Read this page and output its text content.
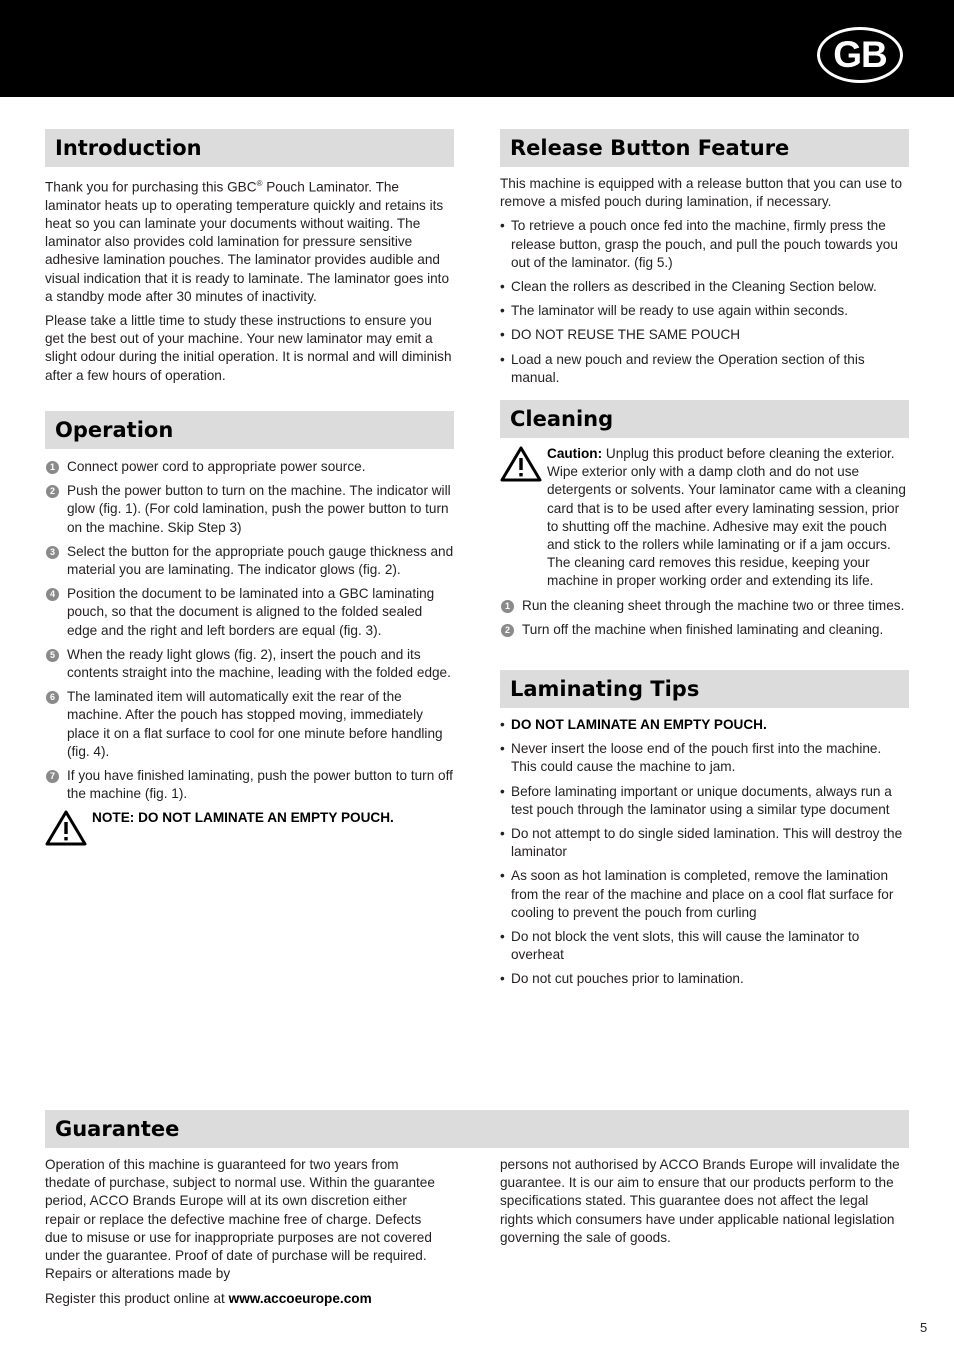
GB
Introduction

Thank you for purchasing this GBC® Pouch Laminator. The laminator heats up to operating temperature quickly and retains its heat so you can laminate your documents without waiting. The laminator also provides cold lamination for pressure sensitive adhesive lamination pouches. The laminator provides audible and visual indication that it is ready to laminate. The laminator goes into a standby mode after 30 minutes of inactivity.

Please take a little time to study these instructions to ensure you get the best out of your machine. Your new laminator may emit a slight odour during the initial operation. It is normal and will diminish after a few hours of operation.

Operation
1 Connect power cord to appropriate power source.
2 Push the power button to turn on the machine. The indicator will glow (fig. 1). (For cold lamination, push the power button to turn on the machine. Skip Step 3)
3 Select the button for the appropriate pouch gauge thickness and material you are laminating. The indicator glows (fig. 2).
4 Position the document to be laminated into a GBC laminating pouch, so that the document is aligned to the folded sealed edge and the right and left borders are equal (fig. 3).
5 When the ready light glows (fig. 2), insert the pouch and its contents straight into the machine, leading with the folded edge.
6 The laminated item will automatically exit the rear of the machine. After the pouch has stopped moving, immediately place it on a flat surface to cool for one minute before handling (fig. 4).
7 If you have finished laminating, push the power button to turn off the machine (fig. 1).
NOTE: DO NOT LAMINATE AN EMPTY POUCH.
Release Button Feature

This machine is equipped with a release button that you can use to remove a misfed pouch during lamination, if necessary.

• To retrieve a pouch once fed into the machine, firmly press the release button, grasp the pouch, and pull the pouch towards you out of the laminator. (fig 5.)
• Clean the rollers as described in the Cleaning Section below.
• The laminator will be ready to use again within seconds.
• DO NOT REUSE THE SAME POUCH
• Load a new pouch and review the Operation section of this manual.
Cleaning
Caution: Unplug this product before cleaning the exterior. Wipe exterior only with a damp cloth and do not use detergents or solvents. Your laminator came with a cleaning card that is to be used after every laminating session, prior to shutting off the machine. Adhesive may exit the pouch and stick to the rollers while laminating or if a jam occurs. The cleaning card removes this residue, keeping your machine in proper working order and extending its life.
1 Run the cleaning sheet through the machine two or three times.
2 Turn off the machine when finished laminating and cleaning.
Laminating Tips
• DO NOT LAMINATE AN EMPTY POUCH.
• Never insert the loose end of the pouch first into the machine. This could cause the machine to jam.
• Before laminating important or unique documents, always run a test pouch through the laminator using a similar type document
• Do not attempt to do single sided lamination. This will destroy the laminator
• As soon as hot lamination is completed, remove the lamination from the rear of the machine and place on a cool flat surface for cooling to prevent the pouch from curling
• Do not block the vent slots, this will cause the laminator to overheat
• Do not cut pouches prior to lamination.
Guarantee
Operation of this machine is guaranteed for two years from thedate of purchase, subject to normal use. Within the guarantee period, ACCO Brands Europe will at its own discretion either repair or replace the defective machine free of charge. Defects due to misuse or use for inappropriate purposes are not covered under the guarantee. Proof of date of purchase will be required. Repairs or alterations made by
persons not authorised by ACCO Brands Europe will invalidate the guarantee. It is our aim to ensure that our products perform to the specifications stated. This guarantee does not affect the legal rights which consumers have under applicable national legislation governing the sale of goods.
Register this product online at www.accoeurope.com
5
